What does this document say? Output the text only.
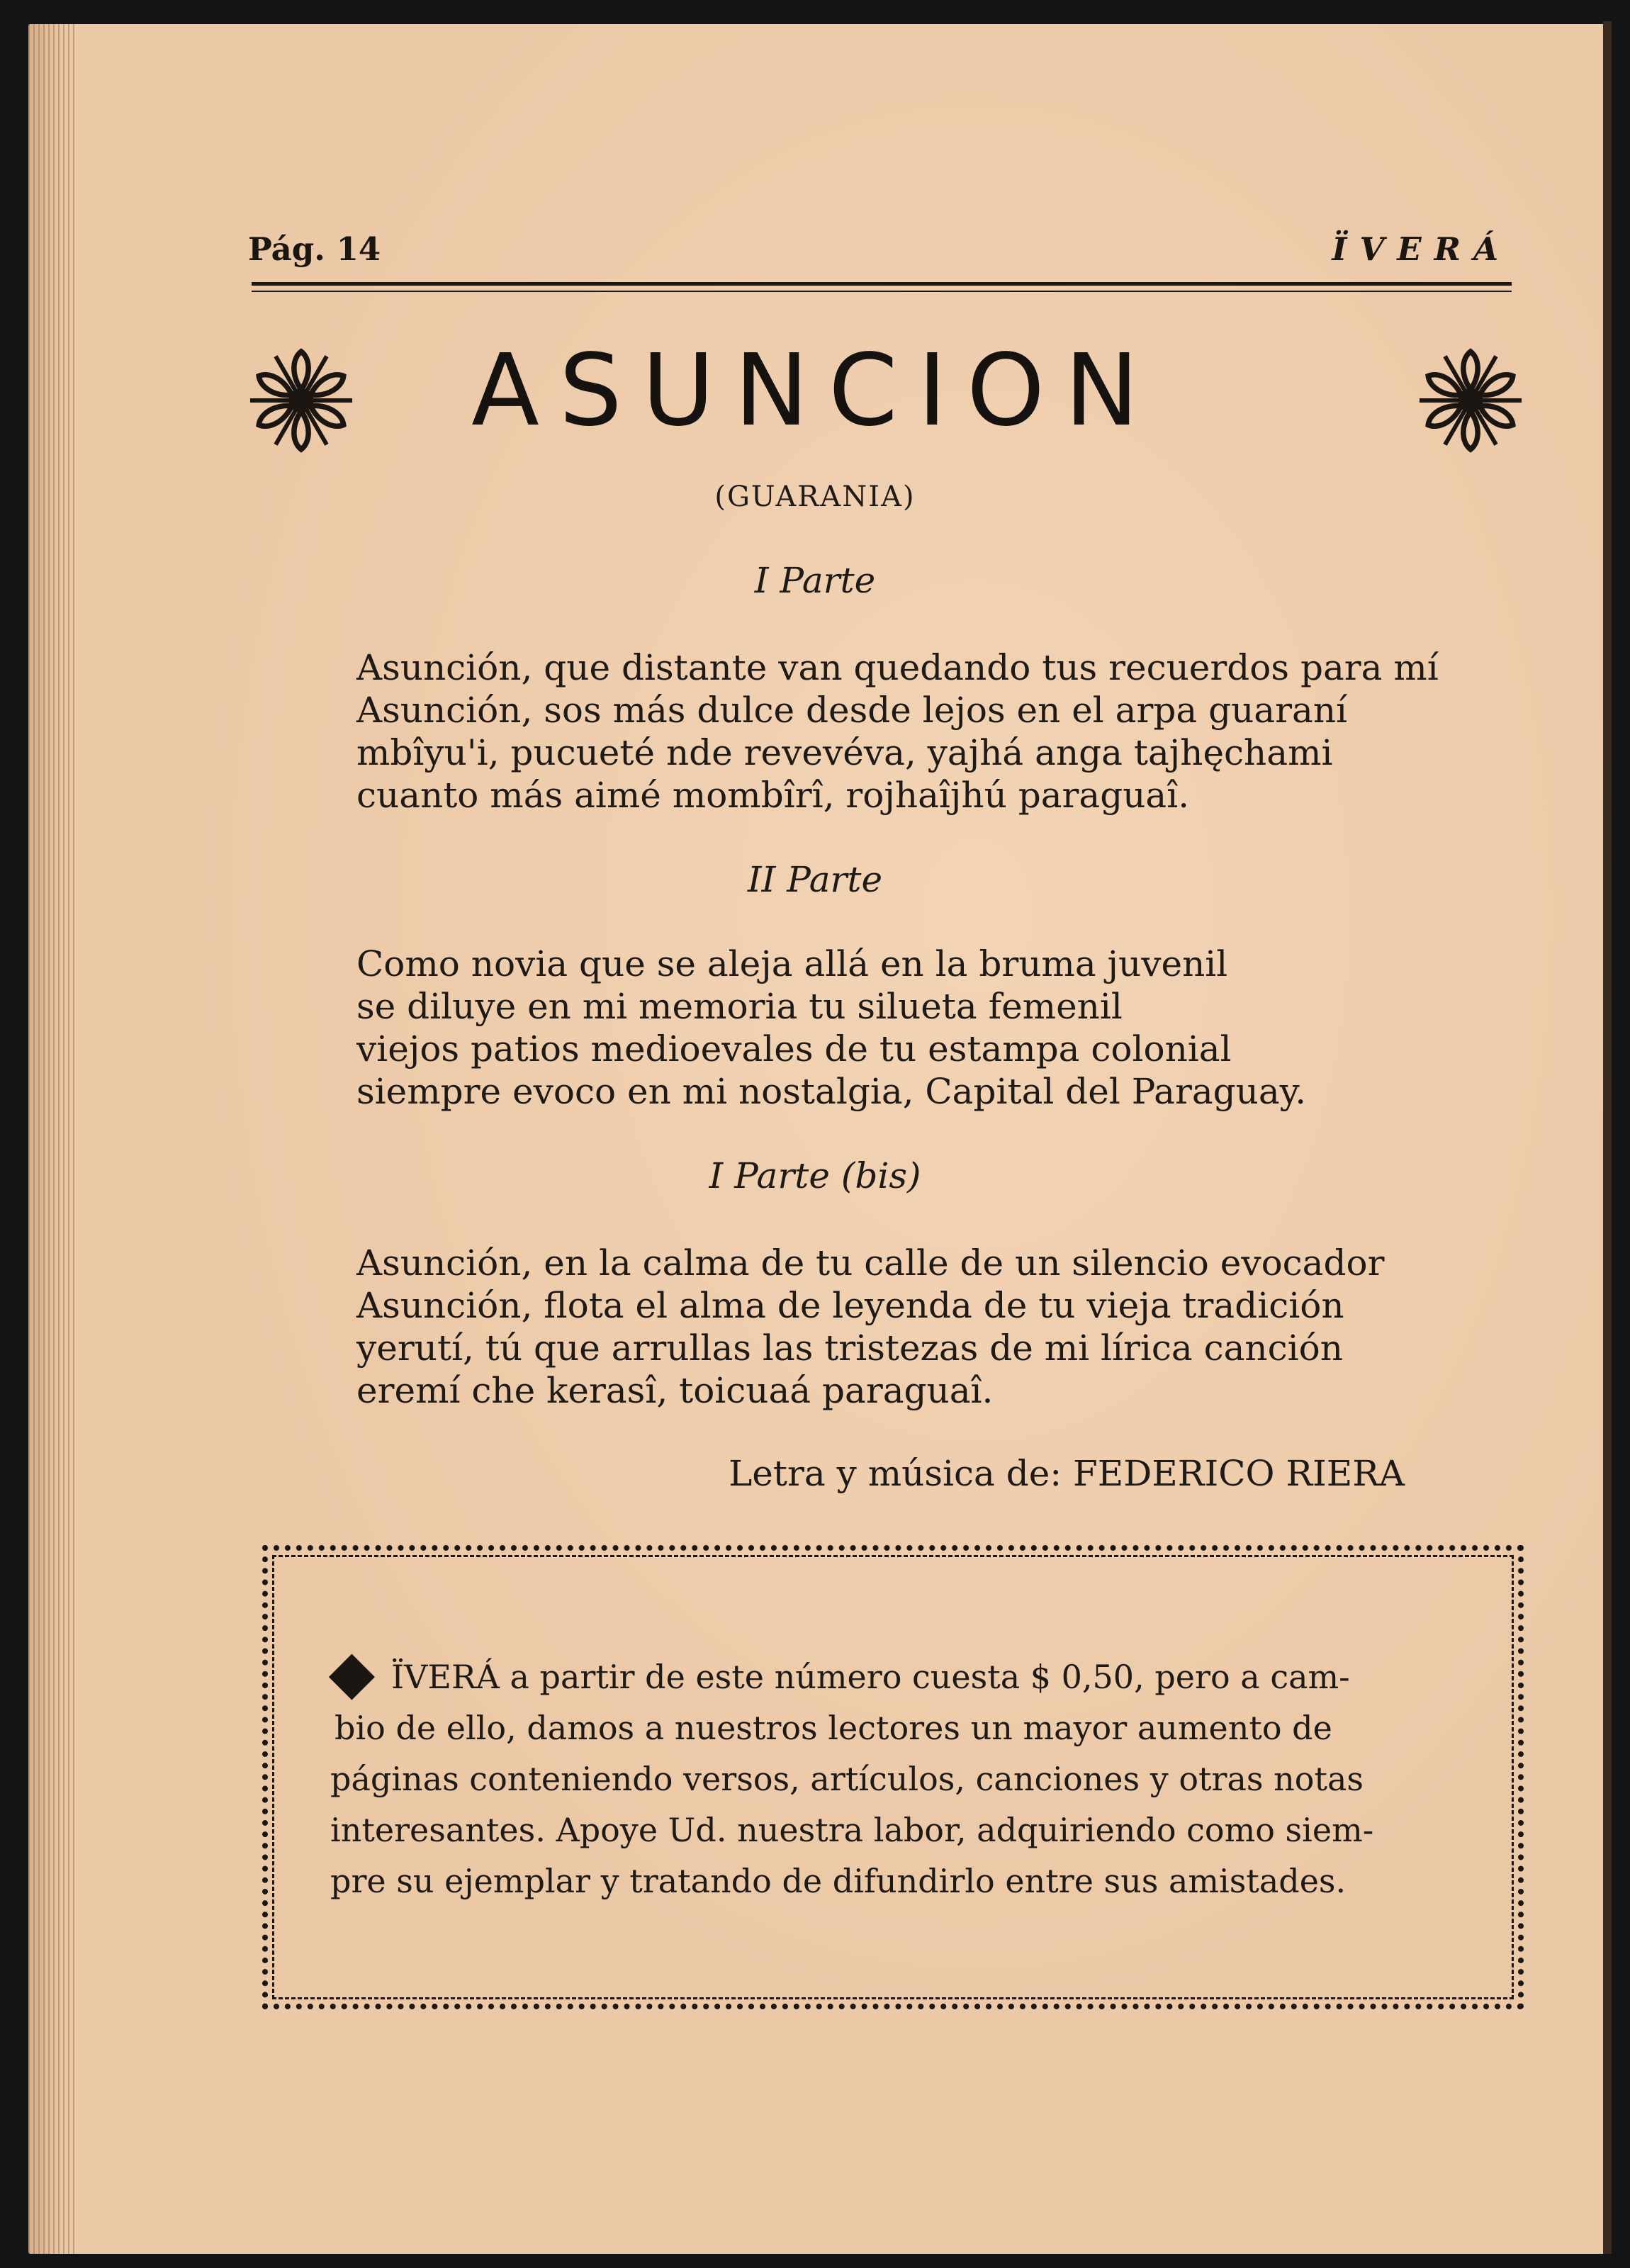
Pág. 14	ÏVERÁ
ASUNCION
(GUARANIA)
I Parte
Asunción, que distante van quedando tus recuerdos para mí
Asunción, sos más dulce desde lejos en el arpa guaraní
mbîyu'i, pucueté nde revevéva, yajhá anga tajhęchami
cuanto más aimé mombîrî, rojhaîjhú paraguaî.
II Parte
Como novia que se aleja allá en la bruma juvenil
se diluye en mi memoria tu silueta femenil
viejos patios medioevales de tu estampa colonial
siempre evoco en mi nostalgia, Capital del Paraguay.
I Parte (bis)
Asunción, en la calma de tu calle de un silencio evocador
Asunción, flota el alma de leyenda de tu vieja tradición
yerutí, tú que arrullas las tristezas de mi lírica canción
eremí che kerasî, toicuaá paraguaî.
Letra y música de: FEDERICO RIERA
ÏVERÁ a partir de este número cuesta $ 0,50, pero a cam-
bio de ello, damos a nuestros lectores un mayor aumento de
páginas conteniendo versos, artículos, canciones y otras notas
interesantes. Apoye Ud. nuestra labor, adquiriendo como siem-
pre su ejemplar y tratando de difundirlo entre sus amistades.
